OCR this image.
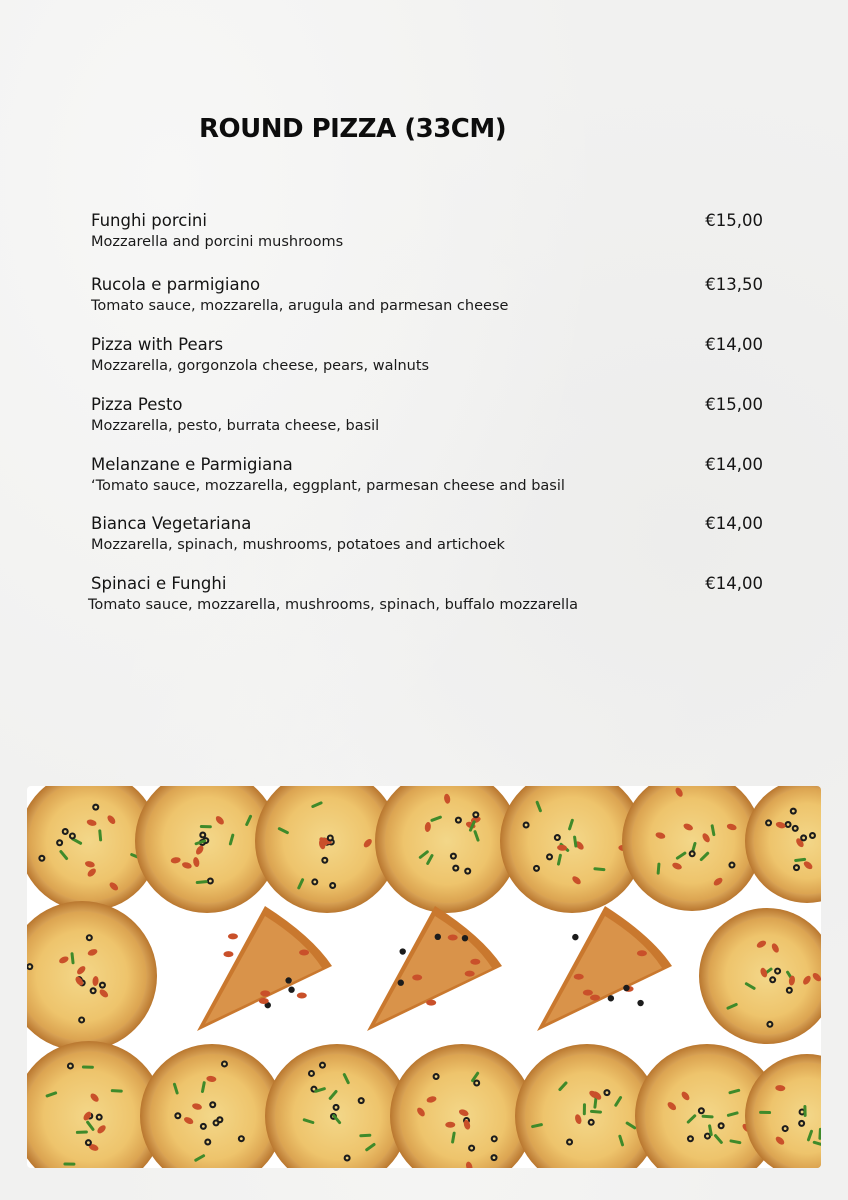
ROUND PIZZA (33CM)
Funghi porcini
Mozzarella and porcini mushrooms
€15,00
Rucola e parmigiano
Tomato sauce, mozzarella, arugula and parmesan cheese
€13,50
Pizza with Pears
Mozzarella, gorgonzola cheese, pears, walnuts
€14,00
Pizza Pesto
Mozzarella, pesto, burrata cheese, basil
€15,00
Melanzane e Parmigiana
‘Tomato sauce, mozzarella, eggplant, parmesan cheese and basil
€14,00
Bianca Vegetariana
Mozzarella, spinach, mushrooms, potatoes and artichoek
€14,00
Spinaci e Funghi
Tomato sauce, mozzarella, mushrooms, spinach, buffalo mozzarella
€14,00
